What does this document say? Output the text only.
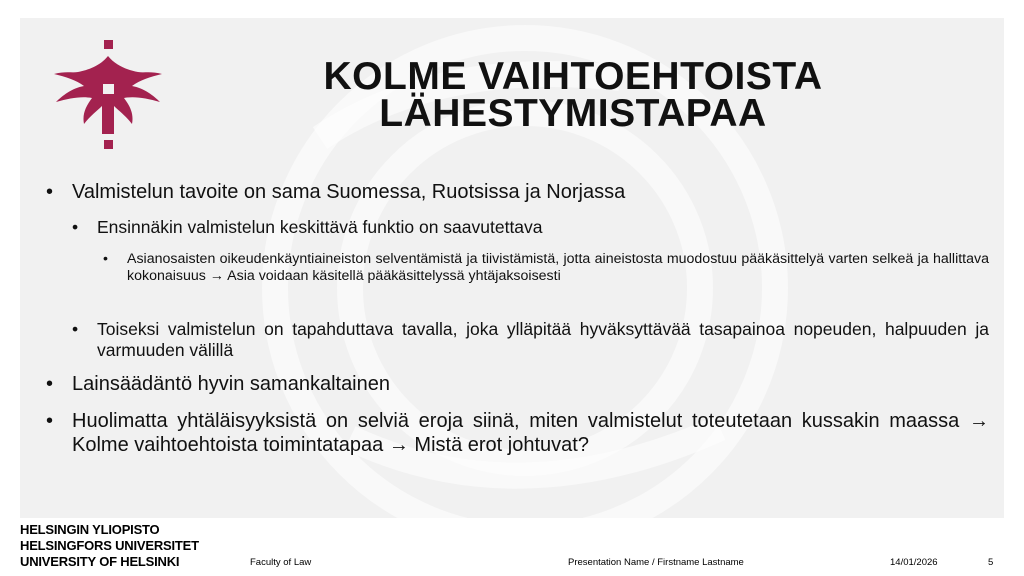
KOLME VAIHTOEHTOISTA
LÄHESTYMISTAPAA
• Valmistelun tavoite on sama Suomessa, Ruotsissa ja Norjassa
• Ensinnäkin valmistelun keskittävä funktio on saavutettava
• Asianosaisten oikeudenkäyntiaineiston selventämistä ja tiivistämistä, jotta aineistosta muodostuu pääkäsittelyä varten selkeä ja hallittava kokonaisuus → Asia voidaan käsitellä pääkäsittelyssä yhtäjaksoisesti
• Toiseksi valmistelun on tapahduttava tavalla, joka ylläpitää hyväksyttävää tasapainoa nopeuden, halpuuden ja varmuuden välillä
• Lainsäädäntö hyvin samankaltainen
• Huolimatta yhtäläisyyksistä on selviä eroja siinä, miten valmistelut toteutetaan kussakin maassa → Kolme vaihtoehtoista toimintatapaa → Mistä erot johtuvat?
HELSINGIN YLIOPISTO
HELSINGFORS UNIVERSITET
UNIVERSITY OF HELSINKI	Faculty of Law	Presentation Name / Firstname Lastname	14/01/2026	5
